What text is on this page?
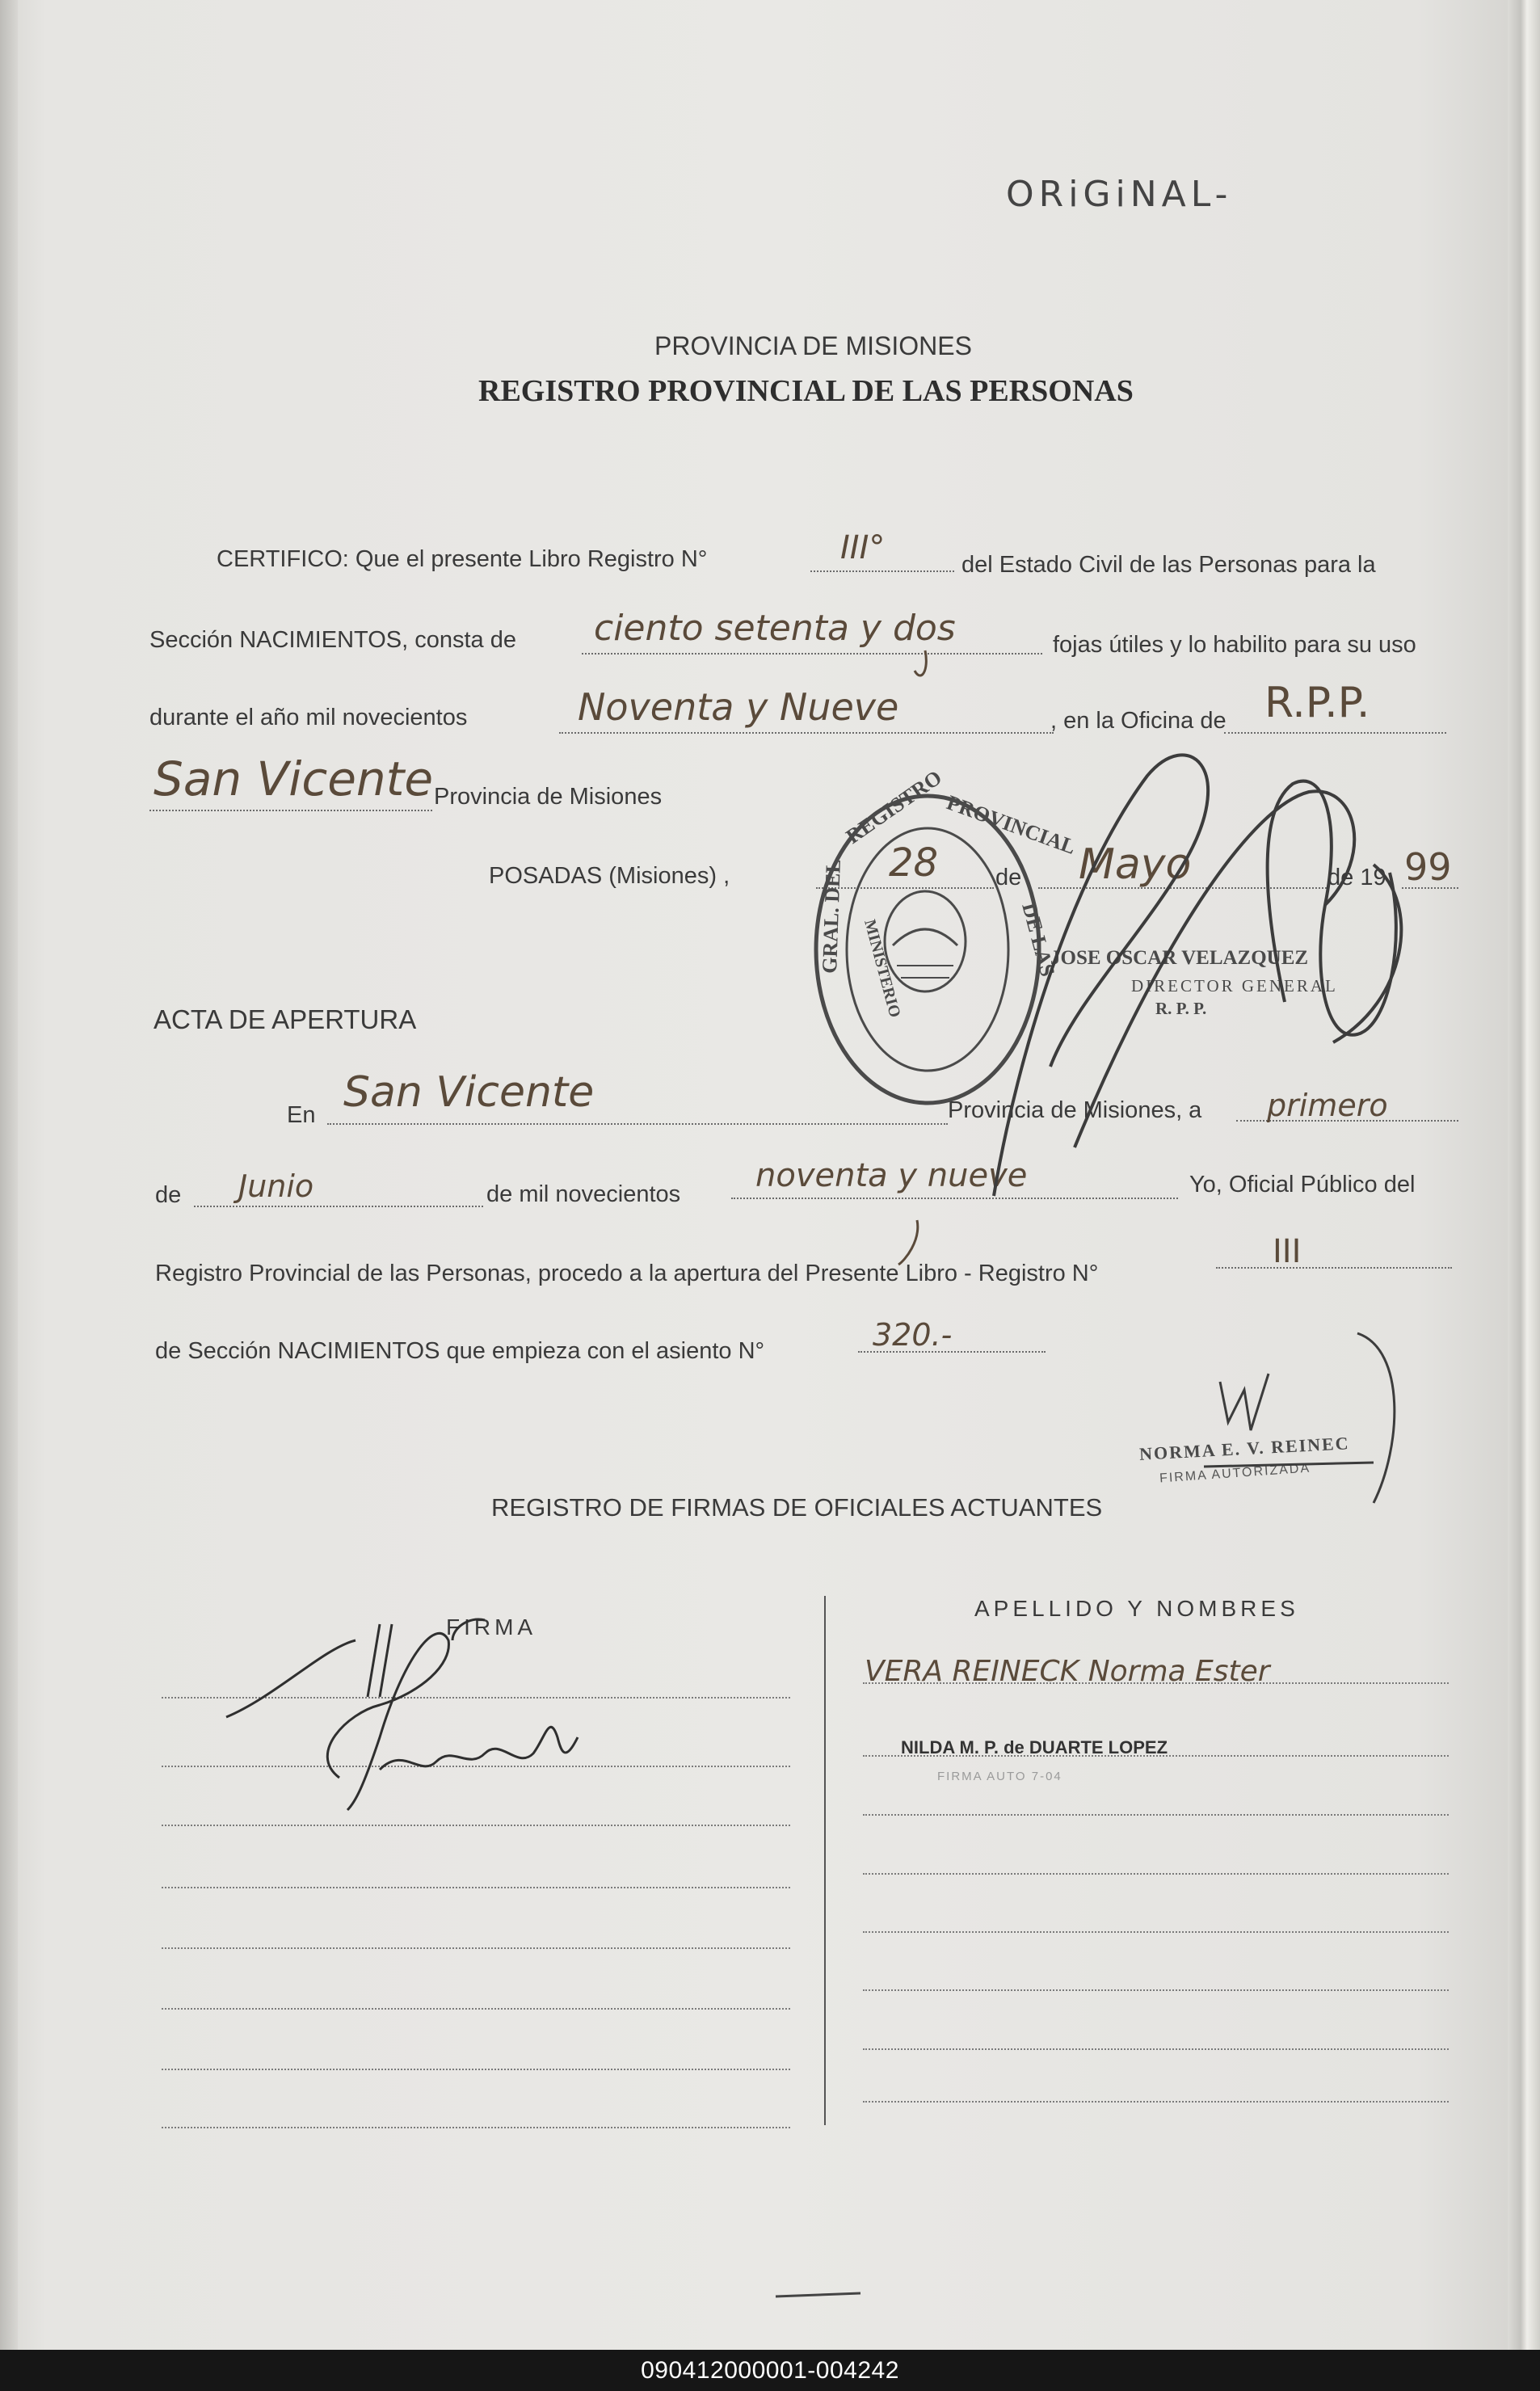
ORiGiNAL-
PROVINCIA DE MISIONES
REGISTRO PROVINCIAL DE LAS PERSONAS
CERTIFICO: Que el presente Libro Registro N°	III°	del Estado Civil de las Personas para la
Sección NACIMIENTOS, consta de ciento setenta y dos	fojas útiles y lo habilito para su uso
durante el año mil novecientos	Noventa y Nueve	, en la Oficina de R.P.P.
San Vicente Provincia de Misiones
POSADAS (Misiones) ,	28 de Mayo	de 19 99
JOSE OSCAR VELAZQUEZ
DIRECTOR GENERAL
R. P. P.
ACTA DE APERTURA
En San Vicente	Provincia de Misiones, a primero
de Junio	de mil novecientos noventa y nueve	Yo, Oficial Público del
Registro Provincial de las Personas, procedo a la apertura del Presente Libro - Registro N°
III
de Sección NACIMIENTOS que empieza con el asiento N°	320.-
NORMA E. V. REINEC
FIRMA AUTORIZADA
REGISTRO DE FIRMAS DE OFICIALES ACTUANTES
FIRMA
APELLIDO Y NOMBRES
VERA REINECK Norma Ester
NILDA M. P. de DUARTE LOPEZ
FIRMA AUTO 7-04
REGISTRO
PROVINCIAL
GRAL. DEL	DE LAS
MINISTERIO
090412000001-004242
